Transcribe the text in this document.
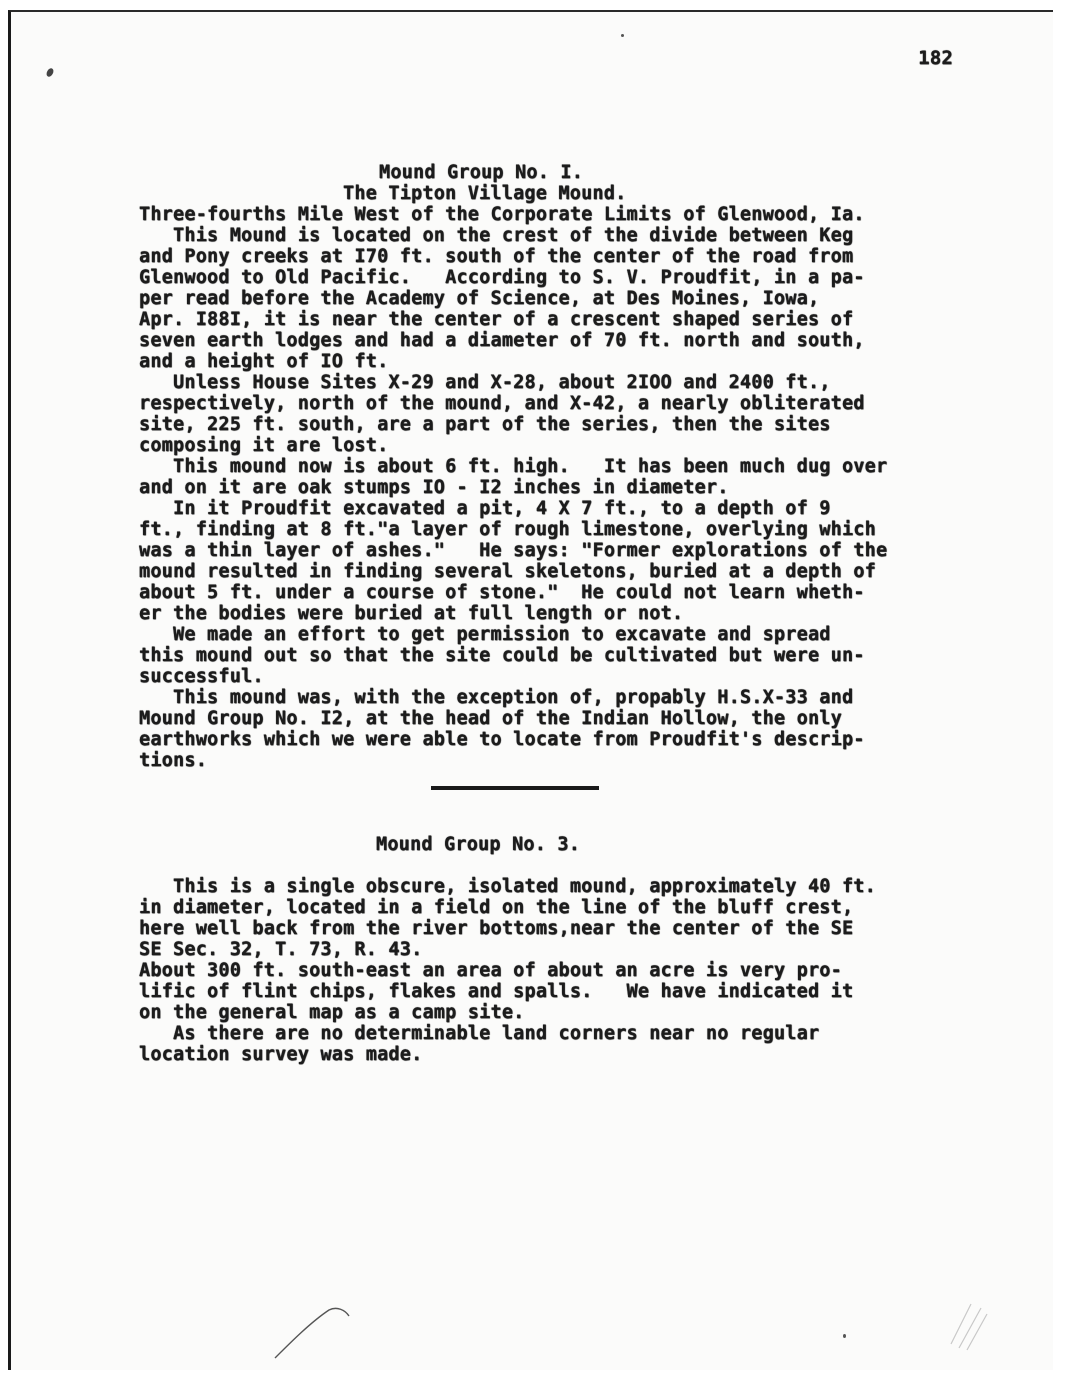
182
Mound Group No. I.
The Tipton Village Mound.
Three-fourths Mile West of the Corporate Limits of Glenwood, Ia.
This Mound is located on the crest of the divide between Keg
and Pony creeks at I70 ft. south of the center of the road from
Glenwood to Old Pacific.   According to S. V. Proudfit, in a pa-
per read before the Academy of Science, at Des Moines, Iowa,
Apr. I88I, it is near the center of a crescent shaped series of
seven earth lodges and had a diameter of 70 ft. north and south,
and a height of IO ft.
Unless House Sites X-29 and X-28, about 2IOO and 2400 ft.,
respectively, north of the mound, and X-42, a nearly obliterated
site, 225 ft. south, are a part of the series, then the sites
composing it are lost.
This mound now is about 6 ft. high.   It has been much dug over
and on it are oak stumps IO - I2 inches in diameter.
In it Proudfit excavated a pit, 4 X 7 ft., to a depth of 9
ft., finding at 8 ft."a layer of rough limestone, overlying which
was a thin layer of ashes."   He says: "Former explorations of the
mound resulted in finding several skeletons, buried at a depth of
about 5 ft. under a course of stone."  He could not learn wheth-
er the bodies were buried at full length or not.
We made an effort to get permission to excavate and spread
this mound out so that the site could be cultivated but were un-
successful.
This mound was, with the exception of, propably H.S.X-33 and
Mound Group No. I2, at the head of the Indian Hollow, the only
earthworks which we were able to locate from Proudfit's descrip-
tions.
Mound Group No. 3.
This is a single obscure, isolated mound, approximately 40 ft.
in diameter, located in a field on the line of the bluff crest,
here well back from the river bottoms,near the center of the SE
SE Sec. 32, T. 73, R. 43.
About 300 ft. south-east an area of about an acre is very pro-
lific of flint chips, flakes and spalls.   We have indicated it
on the general map as a camp site.
As there are no determinable land corners near no regular
location survey was made.
